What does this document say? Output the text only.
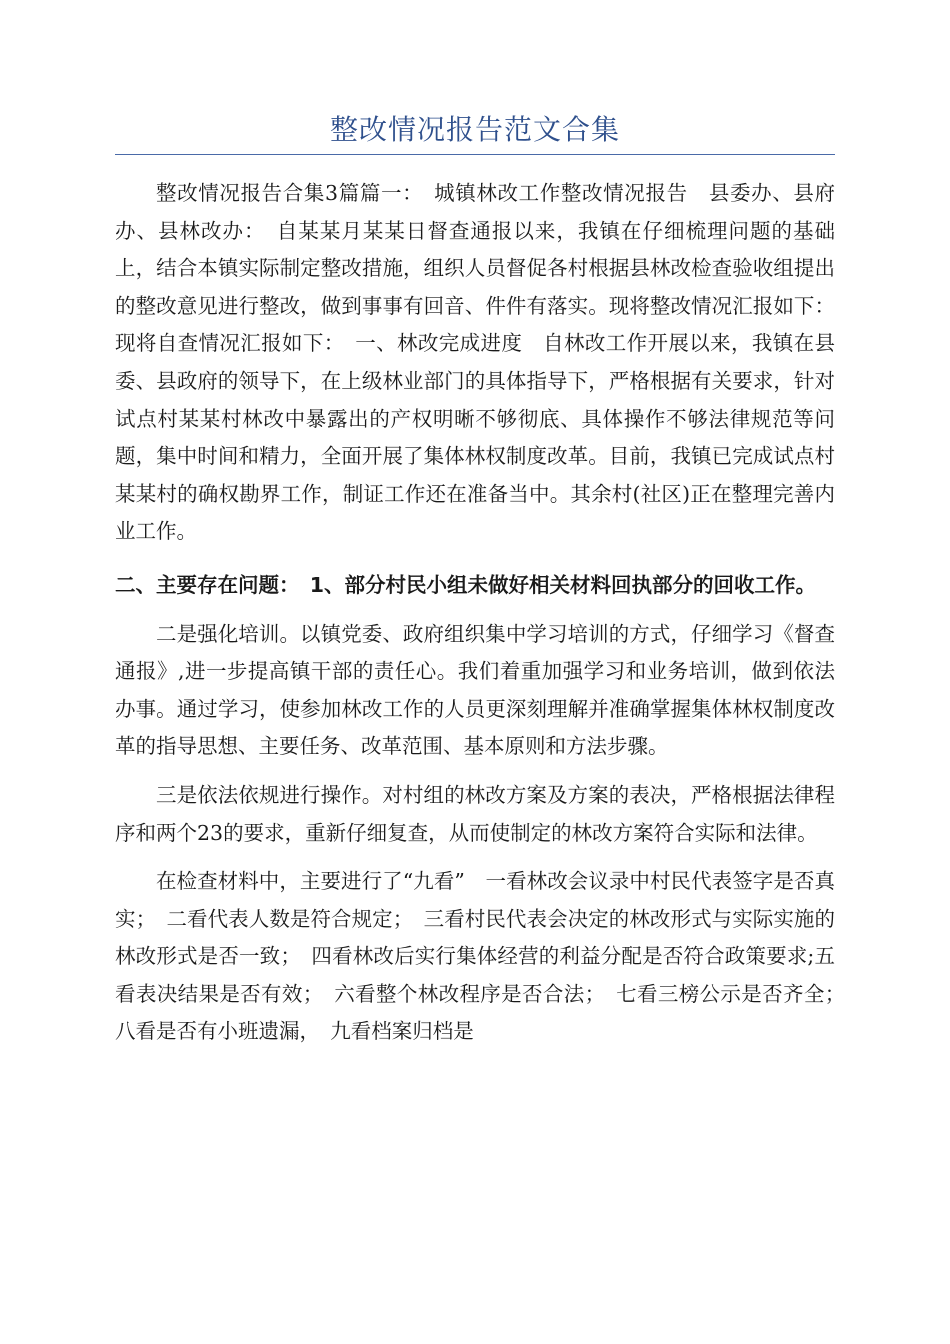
整改情况报告范文合集

整改情况报告合集3篇篇一：　城镇林改工作整改情况报告　县委办、县府办、县林改办：　自某某月某某日督查通报以来，我镇在仔细梳理问题的基础上，结合本镇实际制定整改措施，组织人员督促各村根据县林改检查验收组提出的整改意见进行整改，做到事事有回音、件件有落实。现将整改情况汇报如下：现将自查情况汇报如下：　一、林改完成进度　自林改工作开展以来，我镇在县委、县政府的领导下，在上级林业部门的具体指导下，严格根据有关要求，针对试点村某某村林改中暴露出的产权明晰不够彻底、具体操作不够法律规范等问题，集中时间和精力，全面开展了集体林权制度改革。目前，我镇已完成试点村某某村的确权勘界工作，制证工作还在准备当中。其余村(社区)正在整理完善内业工作。

二、主要存在问题：　1、部分村民小组未做好相关材料回执部分的回收工作。

二是强化培训。以镇党委、政府组织集中学习培训的方式，仔细学习《督查通报》,进一步提高镇干部的责任心。我们着重加强学习和业务培训，做到依法办事。通过学习，使参加林改工作的人员更深刻理解并准确掌握集体林权制度改革的指导思想、主要任务、改革范围、基本原则和方法步骤。

三是依法依规进行操作。对村组的林改方案及方案的表决，严格根据法律程序和两个23的要求，重新仔细复查，从而使制定的林改方案符合实际和法律。

在检查材料中，主要进行了“九看”　一看林改会议录中村民代表签字是否真实；　二看代表人数是符合规定；　三看村民代表会决定的林改形式与实际实施的林改形式是否一致；　四看林改后实行集体经营的利益分配是否符合政策要求;五看表决结果是否有效；　六看整个林改程序是否合法；　七看三榜公示是否齐全；　八看是否有小班遗漏，　九看档案归档是
